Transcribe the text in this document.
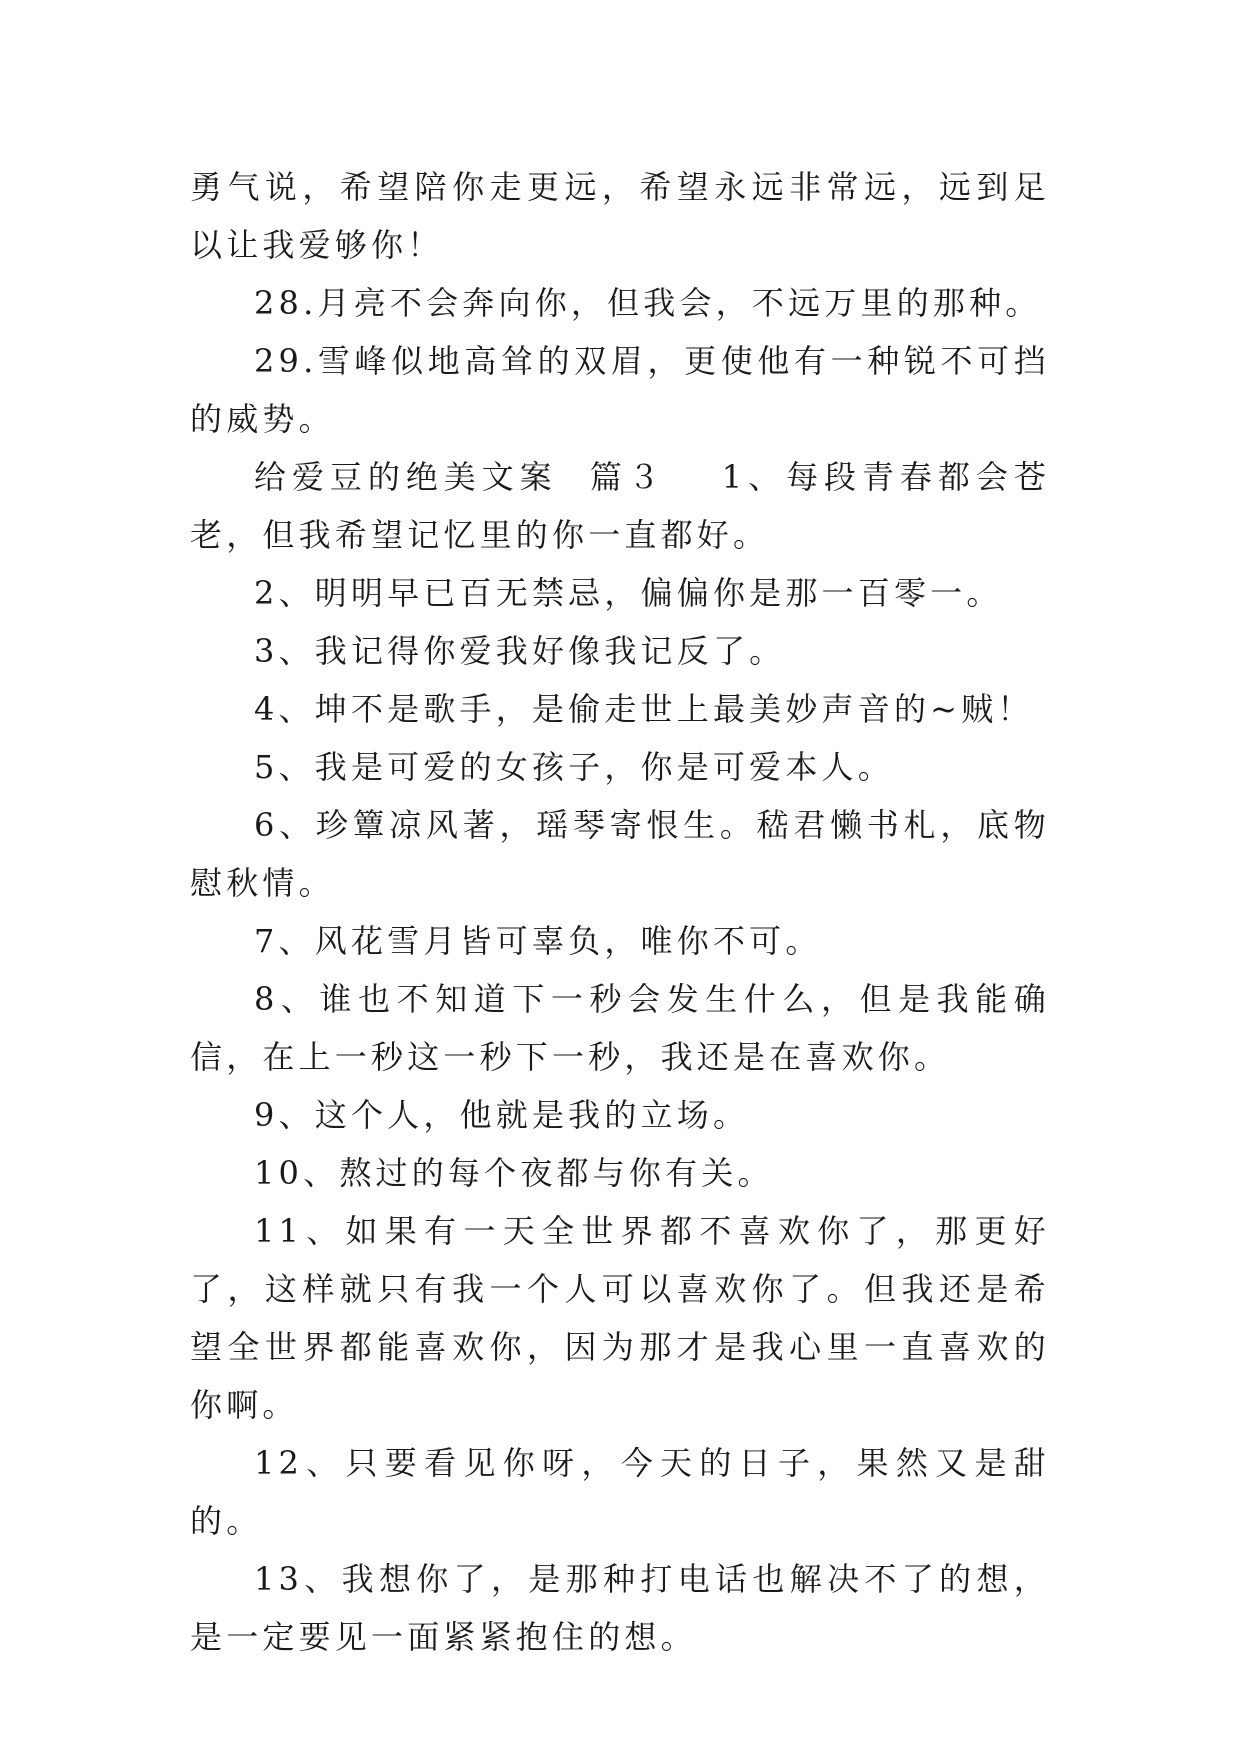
勇气说，希望陪你走更远，希望永远非常远，远到足以让我爱够你！

28.月亮不会奔向你，但我会，不远万里的那种。

29.雪峰似地高耸的双眉，更使他有一种锐不可挡的威势。

给爱豆的绝美文案  篇３ 1、每段青春都会苍老，但我希望记忆里的你一直都好。

2、明明早已百无禁忌，偏偏你是那一百零一。

3、我记得你爱我好像我记反了。

4、坤不是歌手，是偷走世上最美妙声音的~贼！

5、我是可爱的女孩子，你是可爱本人。

6、珍簟凉风著，瑶琴寄恨生。嵇君懒书札，底物慰秋情。

7、风花雪月皆可辜负，唯你不可。

8、谁也不知道下一秒会发生什么，但是我能确信，在上一秒这一秒下一秒，我还是在喜欢你。

9、这个人，他就是我的立场。

10、熬过的每个夜都与你有关。

11、如果有一天全世界都不喜欢你了，那更好了，这样就只有我一个人可以喜欢你了。但我还是希望全世界都能喜欢你，因为那才是我心里一直喜欢的你啊。

12、只要看见你呀，今天的日子，果然又是甜的。

13、我想你了，是那种打电话也解决不了的想，是一定要见一面紧紧抱住的想。
